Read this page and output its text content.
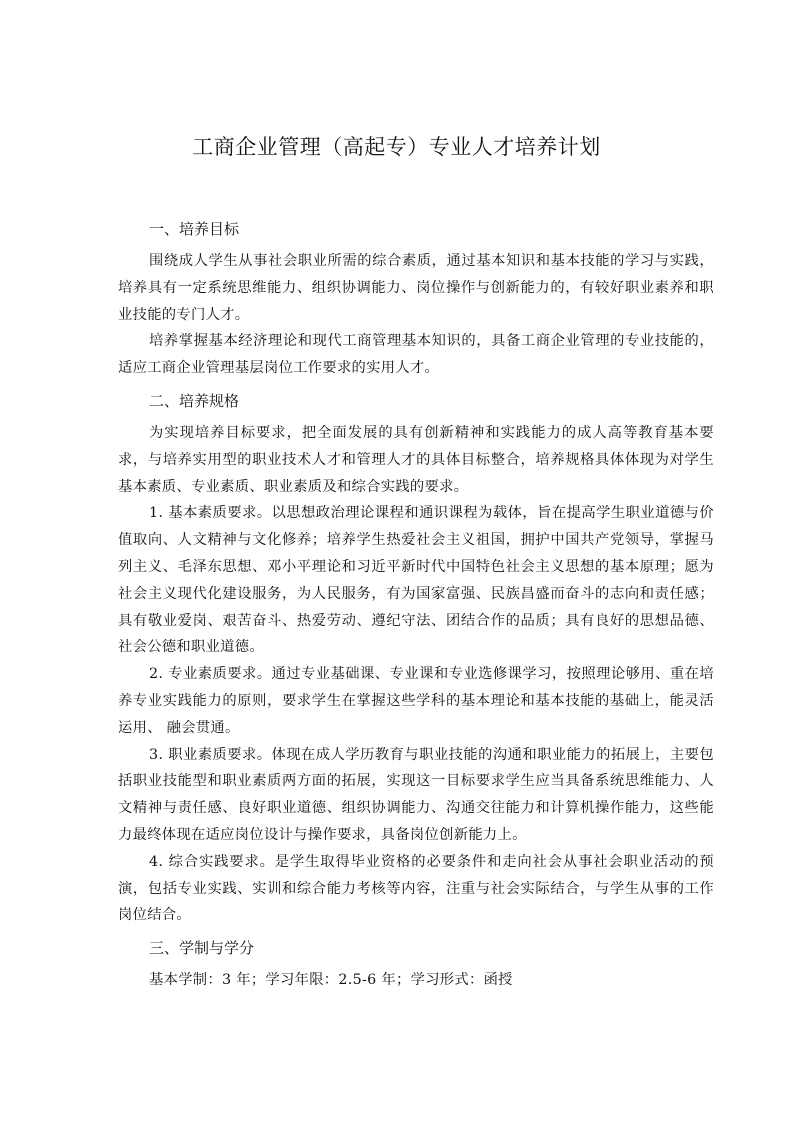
工商企业管理（高起专）专业人才培养计划
一、培养目标

围绕成人学生从事社会职业所需的综合素质，通过基本知识和基本技能的学习与实践，培养具有一定系统思维能力、组织协调能力、岗位操作与创新能力的，有较好职业素养和职业技能的专门人才。

培养掌握基本经济理论和现代工商管理基本知识的，具备工商企业管理的专业技能的，适应工商企业管理基层岗位工作要求的实用人才。

二、培养规格

为实现培养目标要求，把全面发展的具有创新精神和实践能力的成人高等教育基本要求，与培养实用型的职业技术人才和管理人才的具体目标整合，培养规格具体体现为对学生基本素质、专业素质、职业素质及和综合实践的要求。

1. 基本素质要求。以思想政治理论课程和通识课程为载体，旨在提高学生职业道德与价值取向、人文精神与文化修养；培养学生热爱社会主义祖国，拥护中国共产党领导，掌握马列主义、毛泽东思想、邓小平理论和习近平新时代中国特色社会主义思想的基本原理；愿为社会主义现代化建设服务，为人民服务，有为国家富强、民族昌盛而奋斗的志向和责任感；具有敬业爱岗、艰苦奋斗、热爱劳动、遵纪守法、团结合作的品质；具有良好的思想品德、社会公德和职业道德。

2. 专业素质要求。通过专业基础课、专业课和专业选修课学习，按照理论够用、重在培养专业实践能力的原则，要求学生在掌握这些学科的基本理论和基本技能的基础上，能灵活运用、 融会贯通。

3. 职业素质要求。体现在成人学历教育与职业技能的沟通和职业能力的拓展上，主要包括职业技能型和职业素质两方面的拓展，实现这一目标要求学生应当具备系统思维能力、人文精神与责任感、良好职业道德、组织协调能力、沟通交往能力和计算机操作能力，这些能力最终体现在适应岗位设计与操作要求，具备岗位创新能力上。

4. 综合实践要求。是学生取得毕业资格的必要条件和走向社会从事社会职业活动的预演，包括专业实践、实训和综合能力考核等内容，注重与社会实际结合，与学生从事的工作岗位结合。

三、学制与学分

基本学制：3 年；学习年限：2.5-6 年；学习形式：函授
